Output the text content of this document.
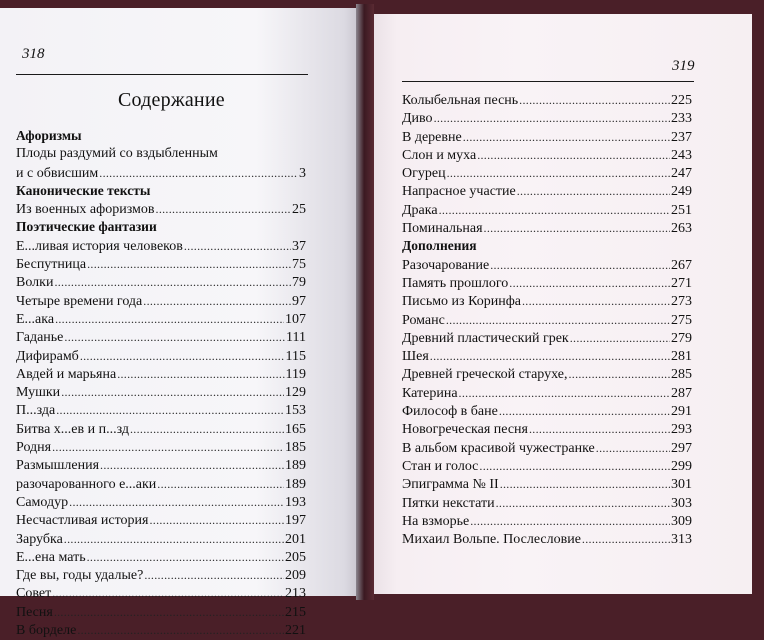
318
Содержание
Афоризмы
Плоды раздумий со вздыбленным
и с обвисшим .....	3
Канонические тексты
Из военных афоризмов .....	25
Поэтические фантазии
Е...ливая история человеков .....	37
Беспутница .....	75
Волки .....	79
Четыре времени года .....	97
Е...ака .....	107
Гаданье .....	111
Дифирамб .....	115
Авдей и марьяна .....	119
Мушки .....	129
П...зда .....	153
Битва х...ев и п...зд .....	165
Родня .....	185
Размышления .....	189
разочарованного е...аки .....	189
Самодур .....	193
Несчастливая история .....	197
Зарубка .....	201
Е...ена мать .....	205
Где вы, годы удалые? .....	209
Совет .....	213
Песня .....	215
В борделе .....	221
319
Колыбельная песнь .....	225
Диво .....	233
В деревне .....	237
Слон и муха .....	243
Огурец .....	247
Напрасное участие .....	249
Драка .....	251
Поминальная .....	263
Дополнения
Разочарование .....	267
Память прошлого .....	271
Письмо из Коринфа .....	273
Романс .....	275
Древний пластический грек .....	279
Шея .....	281
Древней греческой старухе, .....	285
Катерина .....	287
Философ в бане .....	291
Новогреческая песня .....	293
В альбом красивой чужестранке .....	297
Стан и голос .....	299
Эпиграмма № II .....	301
Пятки некстати .....	303
На взморье .....	309
Михаил Вольпе. Послесловие .....	313
